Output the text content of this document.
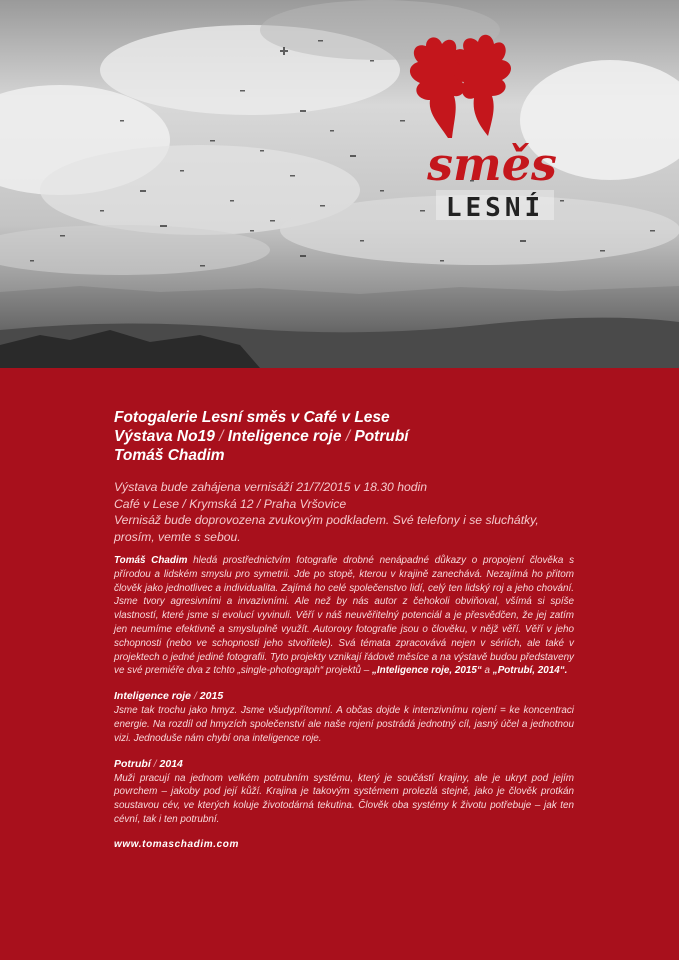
směs
LESNÍ

Fotogalerie Lesní směs v Café v Lese
Výstava No19 / Inteligence roje / Potrubí
Tomáš Chadim

Výstava bude zahájena vernisáží 21/7/2015 v 18.30 hodin
Café v Lese / Krymská 12 / Praha Vršovice
Vernisáž bude doprovozena zvukovým podkladem. Své telefony i se sluchátky, prosím, vemte s sebou.
Tomáš Chadim hledá prostřednictvím fotografie drobné nenápadné důkazy o propojení člověka s přírodou a lidském smyslu pro symetrii. Jde po stopě, kterou v krajině zanechává. Nezajímá ho přitom člověk jako jednotlivec a individualita. Zajímá ho celé společenstvo lidí, celý ten lidský roj a jeho chování. Jsme tvory agresivními a invazivními. Ale než by nás autor z čehokoli obviňoval, všímá si spíše vlastností, které jsme si evolucí vyvinuli. Věří v náš neuvěřitelný potenciál a je přesvědčen, že jej zatím jen neumíme efektivně a smysluplně využít. Autorovy fotografie jsou o člověku, v nějž věří. Věří v jeho schopnosti (nebo ve schopnosti jeho stvořitele). Svá témata zpracovává nejen v sériích, ale také v projektech o jedné jediné fotografii. Tyto projekty vznikají řádově měsíce a na výstavě budou představeny ve své premiéře dva z tchto „single-photograph“ projektů – „Inteligence roje, 2015“ a „Potrubí, 2014“.
Inteligence roje / 2015
Jsme tak trochu jako hmyz. Jsme všudypřítomní. A občas dojde k intenzivnímu rojení = ke koncentraci energie. Na rozdíl od hmyzích společenství ale naše rojení postrádá jednotný cíl, jasný účel a jednotnou vizi. Jednoduše nám chybí ona inteligence roje.
Potrubí / 2014
Muži pracují na jednom velkém potrubním systému, který je součástí krajiny, ale je ukryt pod jejím povrchem – jakoby pod její kůží. Krajina je takovým systémem prolezlá stejně, jako je člověk protkán soustavou cév, ve kterých koluje životodárná tekutina. Člověk oba systémy k životu potřebuje – jak ten cévní, tak i ten potrubní.
www.tomaschadim.com
